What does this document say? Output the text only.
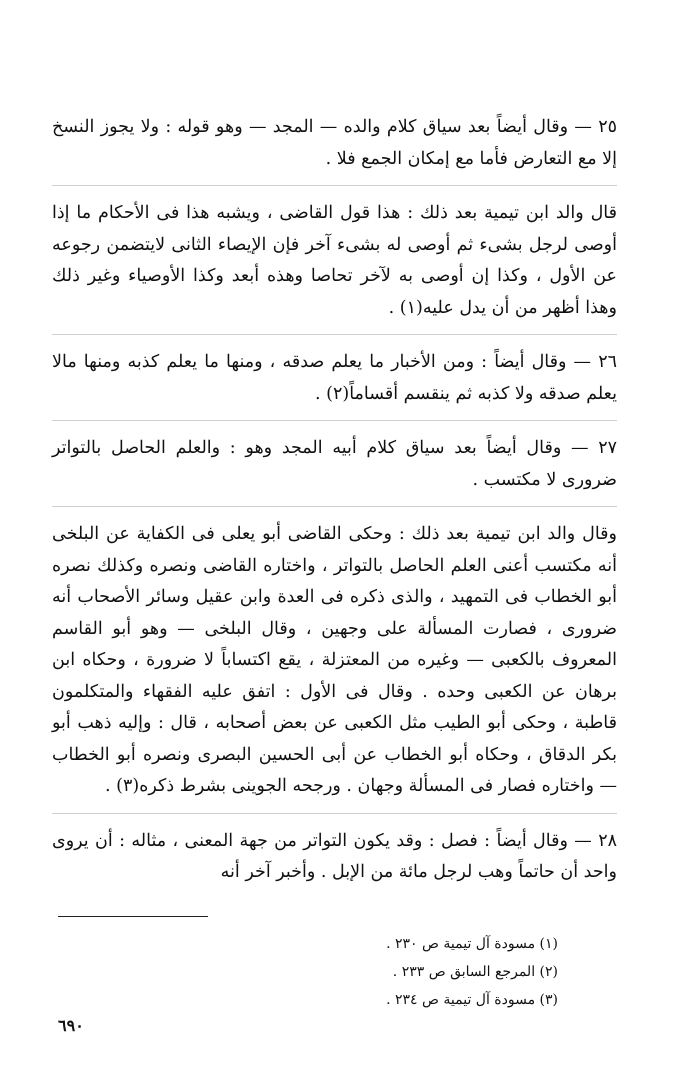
٢٥ — وقال أيضاً بعد سياق كلام والده — المجد — وهو قوله : ولا يجوز النسخ إلا مع التعارض فأما مع إمكان الجمع فلا .

قال والد ابن تيمية بعد ذلك : هذا قول القاضى ، ويشبه هذا فى الأحكام ما إذا أوصى لرجل بشىء ثم أوصى له بشىء آخر فإن الإيصاء الثانى لايتضمن رجوعه عن الأول ، وكذا إن أوصى به لآخر تحاصا وهذه أبعد وكذا الأوصياء وغير ذلك وهذا أظهر من أن يدل عليه(١) .

٢٦ — وقال أيضاً : ومن الأخبار ما يعلم صدقه ، ومنها ما يعلم كذبه ومنها مالا يعلم صدقه ولا كذبه ثم ينقسم أقساماً(٢) .

٢٧ — وقال أيضاً بعد سياق كلام أبيه المجد وهو : والعلم الحاصل بالتواتر ضرورى لا مكتسب .

وقال والد ابن تيمية بعد ذلك : وحكى القاضى أبو يعلى فى الكفاية عن البلخى أنه مكتسب أعنى العلم الحاصل بالتواتر ، واختاره القاضى ونصره وكذلك نصره أبو الخطاب فى التمهيد ، والذى ذكره فى العدة وابن عقيل وسائر الأصحاب أنه ضرورى ، فصارت المسألة على وجهين ، وقال البلخى — وهو أبو القاسم المعروف بالكعبى — وغيره من المعتزلة ، يقع اكتساباً لا ضرورة ، وحكاه ابن برهان عن الكعبى وحده . وقال فى الأول : اتفق عليه الفقهاء والمتكلمون قاطبة ، وحكى أبو الطيب مثل الكعبى عن بعض أصحابه ، قال : وإليه ذهب أبو بكر الدقاق ، وحكاه أبو الخطاب عن أبى الحسين البصرى ونصره أبو الخطاب — واختاره فصار فى المسألة وجهان . ورجحه الجوينى بشرط ذكره(٣) .

٢٨ — وقال أيضاً : فصل : وقد يكون التواتر من جهة المعنى ، مثاله : أن يروى واحد أن حاتماً وهب لرجل مائة من الإبل . وأخبر آخر أنه

(١) مسودة آل تيمية ص ٢٣٠ .

(٢) المرجع السابق ص ٢٣٣ .

(٣) مسودة آل تيمية ص ٢٣٤ .

٦٩٠
